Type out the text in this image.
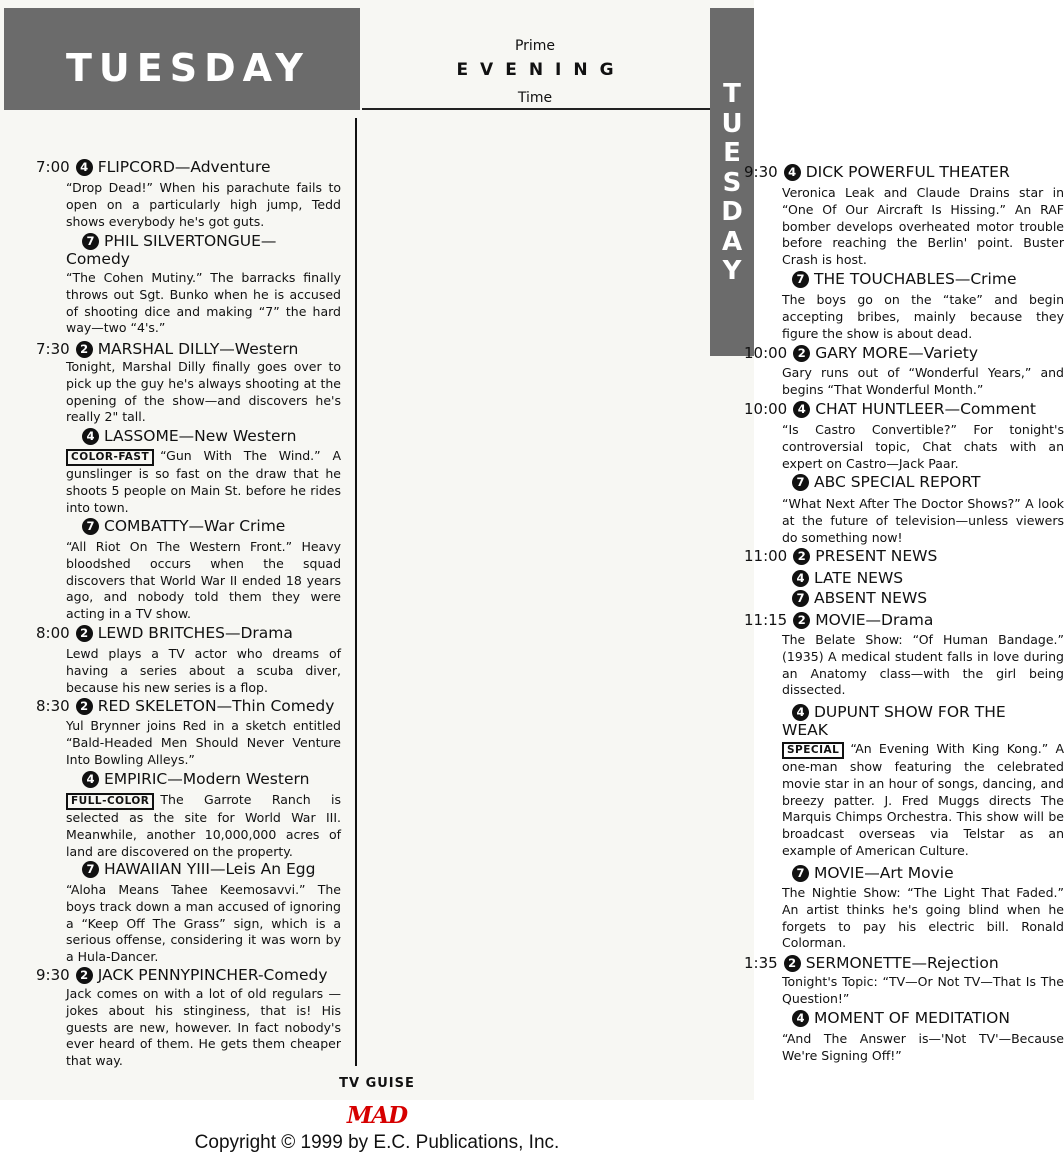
TUESDAY	Prime
EVENING
Time	T
U
E
S
D
A
Y
7:00 4 FLIPCORD—Adventure
“Drop Dead!” When his parachute fails to open on a particularly high jump, Tedd shows everybody he's got guts.
7 PHIL SILVERTONGUE—
Comedy
“The Cohen Mutiny.” The barracks finally throws out Sgt. Bunko when he is accused of shooting dice and making “7” the hard way—two “4's.”
7:30 2 MARSHAL DILLY—Western
Tonight, Marshal Dilly finally goes over to pick up the guy he's always shooting at the opening of the show—and discovers he's really 2" tall.
4 LASSOME—New Western
COLOR-FAST “Gun With The Wind.” A gunslinger is so fast on the draw that he shoots 5 people on Main St. before he rides into town.
7 COMBATTY—War Crime
“All Riot On The Western Front.” Heavy bloodshed occurs when the squad discovers that World War II ended 18 years ago, and nobody told them they were acting in a TV show.
8:00 2 LEWD BRITCHES—Drama
Lewd plays a TV actor who dreams of having a series about a scuba diver, because his new series is a flop.
8:30 2 RED SKELETON—Thin Comedy
Yul Brynner joins Red in a sketch entitled “Bald-Headed Men Should Never Venture Into Bowling Alleys.”
4 EMPIRIC—Modern Western
FULL-COLOR The Garrote Ranch is selected as the site for World War III. Meanwhile, another 10,000,000 acres of land are discovered on the property.
7 HAWAIIAN YIII—Leis An Egg
“Aloha Means Tahee Keemosavvi.” The boys track down a man accused of ignoring a “Keep Off The Grass” sign, which is a serious offense, considering it was worn by a Hula-Dancer.
9:30 2 JACK PENNYPINCHER-Comedy
Jack comes on with a lot of old regulars —jokes about his stinginess, that is! His guests are new, however. In fact nobody's ever heard of them. He gets them cheaper that way.
9:30 4 DICK POWERFUL THEATER
Veronica Leak and Claude Drains star in “One Of Our Aircraft Is Hissing.” An RAF bomber develops overheated motor trouble before reaching the Berlin' point. Buster Crash is host.
7 THE TOUCHABLES—Crime
The boys go on the “take” and begin accepting bribes, mainly because they figure the show is about dead.
10:00 2 GARY MORE—Variety
Gary runs out of “Wonderful Years,” and begins “That Wonderful Month.”
10:00 4 CHAT HUNTLEER—Comment
“Is Castro Convertible?” For tonight's controversial topic, Chat chats with an expert on Castro—Jack Paar.
7 ABC SPECIAL REPORT
“What Next After The Doctor Shows?” A look at the future of television—unless viewers do something now!
11:00 2 PRESENT NEWS
4 LATE NEWS
7 ABSENT NEWS
11:15 2 MOVIE—Drama
The Belate Show: “Of Human Bandage.” (1935) A medical student falls in love during an Anatomy class—with the girl being dissected.
4 DUPUNT SHOW FOR THE
WEAK
SPECIAL “An Evening With King Kong.” A one-man show featuring the celebrated movie star in an hour of songs, dancing, and breezy patter. J. Fred Muggs directs The Marquis Chimps Orchestra. This show will be broadcast overseas via Telstar as an example of American Culture.
7 MOVIE—Art Movie
The Nightie Show: “The Light That Faded.” An artist thinks he's going blind when he forgets to pay his electric bill. Ronald Colorman.
1:35 2 SERMONETTE—Rejection
Tonight's Topic: “TV—Or Not TV—That Is The Question!”
4 MOMENT OF MEDITATION
“And The Answer is—'Not TV'—Because We're Signing Off!”
TV GUISE
MAD
Copyright © 1999 by E.C. Publications, Inc.
